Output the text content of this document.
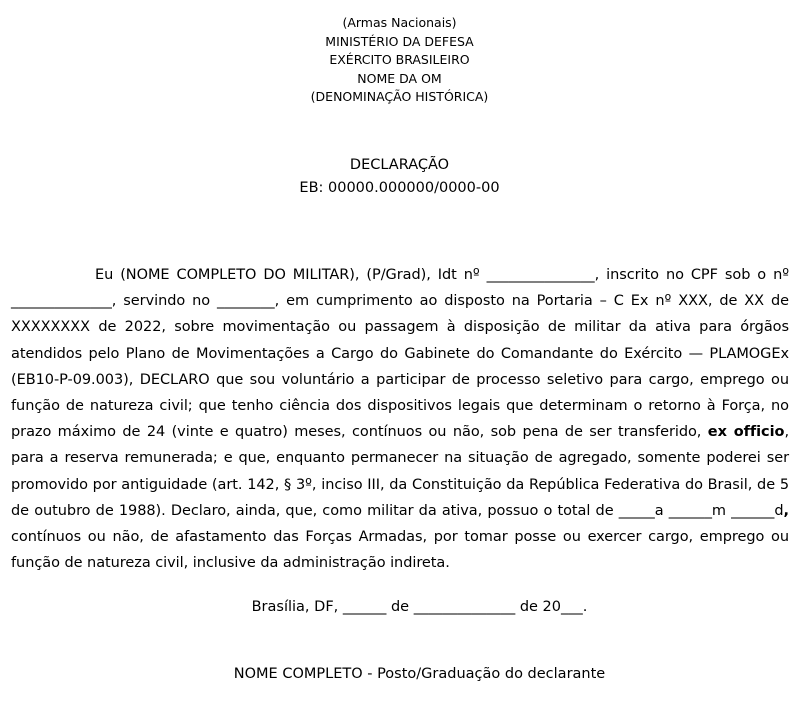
(Armas Nacionais)
MINISTÉRIO DA DEFESA
EXÉRCITO BRASILEIRO
NOME DA OM
(DENOMINAÇÃO HISTÓRICA)
DECLARAÇÃO
EB: 00000.000000/0000-00

Eu (NOME COMPLETO DO MILITAR), (P/Grad), Idt nº _______________, inscrito no CPF sob o nº ______________, servindo no ________, em cumprimento ao disposto na Portaria – C Ex nº XXX, de XX de XXXXXXXX de 2022, sobre movimentação ou passagem à disposição de militar da ativa para órgãos atendidos pelo Plano de Movimentações a Cargo do Gabinete do Comandante do Exército — PLAMOGEx (EB10-P-09.003), DECLARO que sou voluntário a participar de processo seletivo para cargo, emprego ou função de natureza civil; que tenho ciência dos dispositivos legais que determinam o retorno à Força, no prazo máximo de 24 (vinte e quatro) meses, contínuos ou não, sob pena de ser transferido, ex officio, para a reserva remunerada; e que, enquanto permanecer na situação de agregado, somente poderei ser promovido por antiguidade (art. 142, § 3º, inciso III, da Constituição da República Federativa do Brasil, de 5 de outubro de 1988). Declaro, ainda, que, como militar da ativa, possuo o total de _____a ______m ______d, contínuos ou não, de afastamento das Forças Armadas, por tomar posse ou exercer cargo, emprego ou função de natureza civil, inclusive da administração indireta.

Brasília, DF, ______ de ______________ de 20___.
NOME COMPLETO - Posto/Graduação do declarante
